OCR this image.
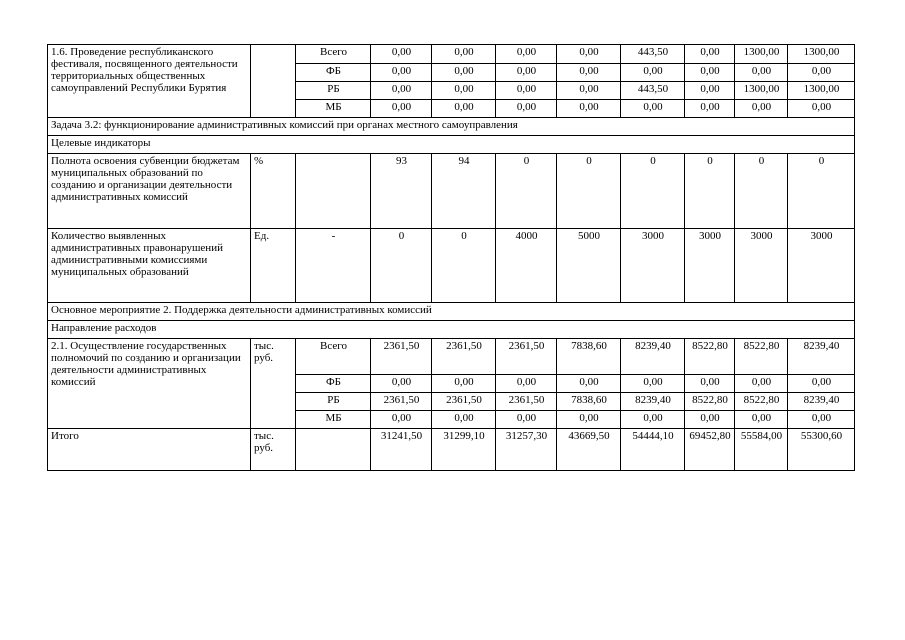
1.6. Проведение республиканского фестиваля, посвященного деятельности территориальных общественных самоуправлений Республики Бурятия		Всего	0,00	0,00	0,00	0,00	443,50	0,00	1300,00	1300,00
		ФБ	0,00	0,00	0,00	0,00	0,00	0,00	0,00	0,00
		РБ	0,00	0,00	0,00	0,00	443,50	0,00	1300,00	1300,00
		МБ	0,00	0,00	0,00	0,00	0,00	0,00	0,00	0,00
Задача 3.2: функционирование административных комиссий при органах местного самоуправления										
Целевые индикаторы										
Полнота освоения субвенции бюджетам муниципальных образований по созданию и организации деятельности административных комиссий	%		93	94	0	0	0	0	0	0
Количество выявленных административных правонарушений административными комиссиями муниципальных образований	Ед.	-	0	0	4000	5000	3000	3000	3000	3000
Основное мероприятие 2. Поддержка деятельности административных комиссий										
Направление расходов										
2.1. Осуществление государственных полномочий по созданию и организации деятельности административных комиссий	тыс. руб.	Всего	2361,50	2361,50	2361,50	7838,60	8239,40	8522,80	8522,80	8239,40
		ФБ	0,00	0,00	0,00	0,00	0,00	0,00	0,00	0,00
		РБ	2361,50	2361,50	2361,50	7838,60	8239,40	8522,80	8522,80	8239,40
		МБ	0,00	0,00	0,00	0,00	0,00	0,00	0,00	0,00
Итого	тыс. руб.		31241,50	31299,10	31257,30	43669,50	54444,10	69452,80	55584,00	55300,60
